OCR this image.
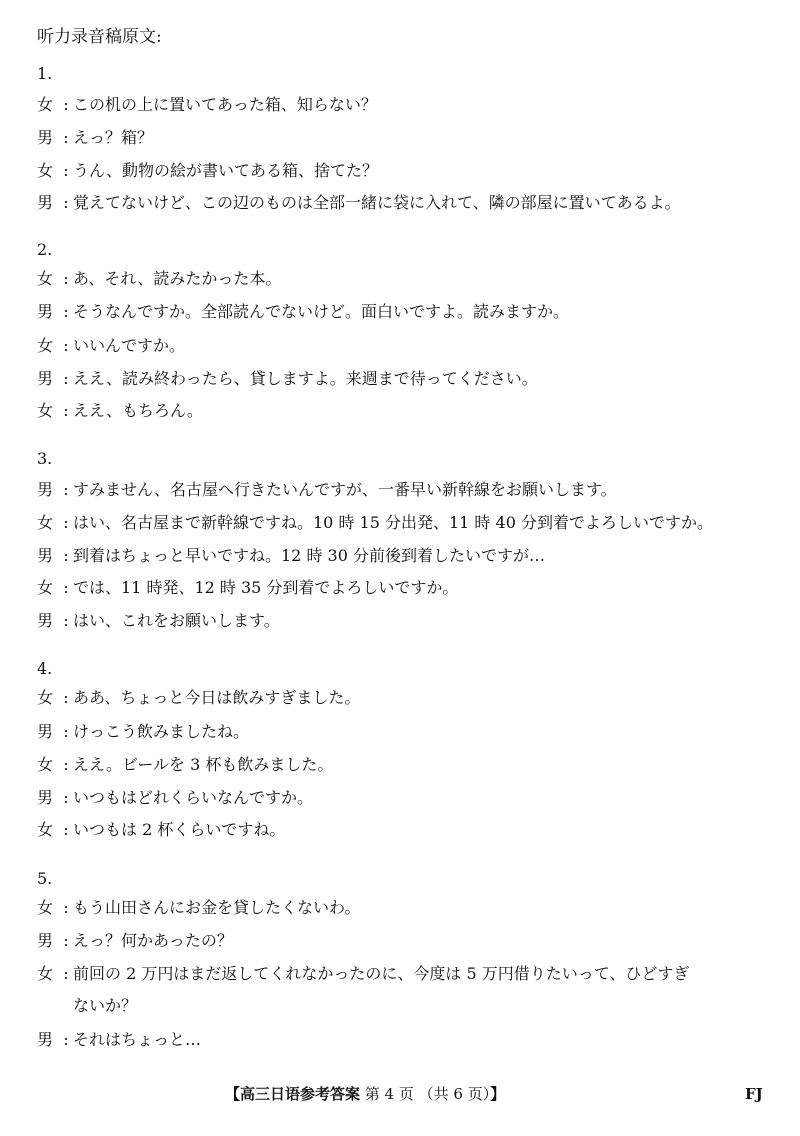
听力录音稿原文:
1.
女 : この机の上に置いてあった箱、知らない？
男 : えっ？箱？
女 : うん、動物の絵が書いてある箱、捨てた？
男 : 覚えてないけど、この辺のものは全部一緒に袋に入れて、隣の部屋に置いてあるよ。
2.
女 : あ、それ、読みたかった本。
男 : そうなんですか。全部読んでないけど。面白いですよ。読みますか。
女 : いいんですか。
男 : ええ、読み終わったら、貸しますよ。来週まで待ってください。
女 : ええ、もちろん。
3.
男 : すみません、名古屋へ行きたいんですが、一番早い新幹線をお願いします。
女 : はい、名古屋まで新幹線ですね。10 時 15 分出発、11 時 40 分到着でよろしいですか。
男 : 到着はちょっと早いですね。12 時 30 分前後到着したいですが…
女 : では、11 時発、12 時 35 分到着でよろしいですか。
男 : はい、これをお願いします。
4.
女 : ああ、ちょっと今日は飲みすぎました。
男 : けっこう飲みましたね。
女 : ええ。ビールを 3 杯も飲みました。
男 : いつもはどれくらいなんですか。
女 : いつもは 2 杯くらいですね。
5.
女 : もう山田さんにお金を貸したくないわ。
男 : えっ？何かあったの？
女 : 前回の 2 万円はまだ返してくれなかったのに、今度は 5 万円借りたいって、ひどすぎ
ないか？
男 : それはちょっと…
【高三日语参考答案 第 4 页 （共 6 页）】	FJ
